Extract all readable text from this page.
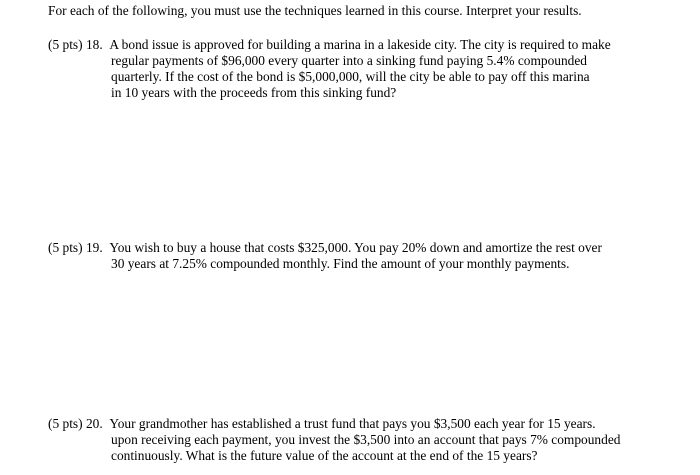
For each of the following, you must use the techniques learned in this course. Interpret your results.
(5 pts) 18. A bond issue is approved for building a marina in a lakeside city. The city is required to make
regular payments of $96,000 every quarter into a sinking fund paying 5.4% compounded
quarterly. If the cost of the bond is $5,000,000, will the city be able to pay off this marina
in 10 years with the proceeds from this sinking fund?
(5 pts) 19. You wish to buy a house that costs $325,000. You pay 20% down and amortize the rest over
30 years at 7.25% compounded monthly. Find the amount of your monthly payments.
(5 pts) 20. Your grandmother has established a trust fund that pays you $3,500 each year for 15 years.
upon receiving each payment, you invest the $3,500 into an account that pays 7% compounded
continuously. What is the future value of the account at the end of the 15 years?
